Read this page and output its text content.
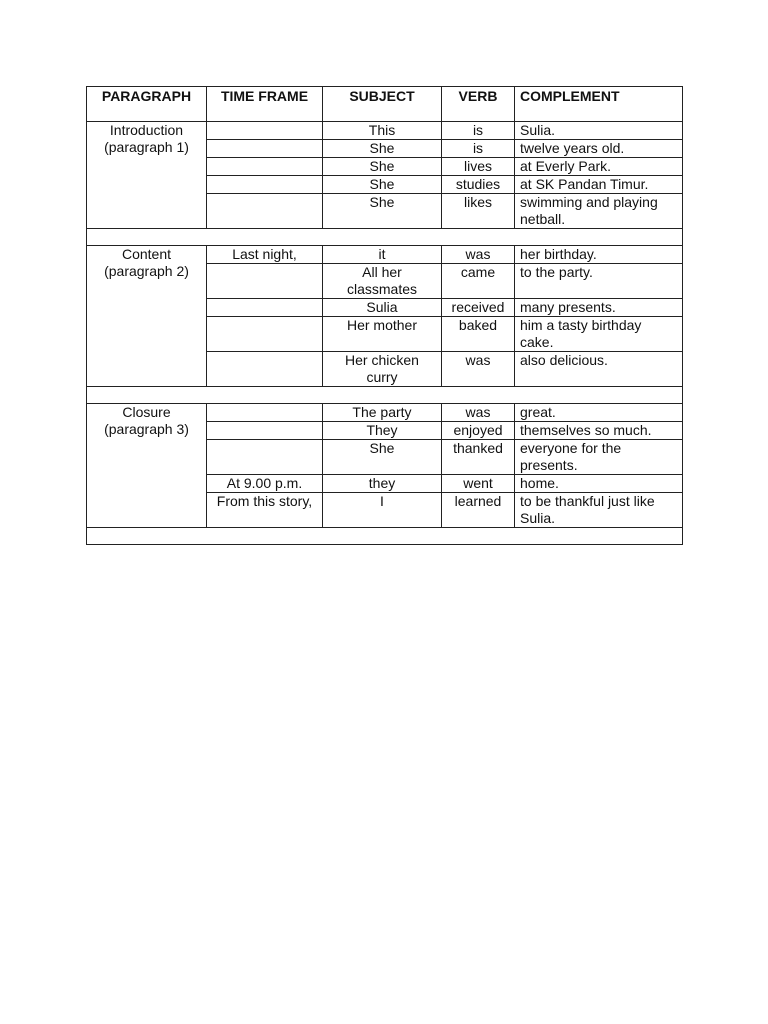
PARAGRAPH	TIME FRAME	SUBJECT	VERB	COMPLEMENT
Introduction (paragraph 1)		This	is	Sulia.
		She	is	twelve years old.
		She	lives	at Everly Park.
		She	studies	at SK Pandan Timur.
		She	likes	swimming and playing netball.

Content (paragraph 2)	Last night,	it	was	her birthday.
		All her classmates	came	to the party.
		Sulia	received	many presents.
		Her mother	baked	him a tasty birthday cake.
		Her chicken curry	was	also delicious.

Closure (paragraph 3)		The party	was	great.
		They	enjoyed	themselves so much.
		She	thanked	everyone for the presents.
	At 9.00 p.m.	they	went	home.
	From this story,	I	learned	to be thankful just like Sulia.
